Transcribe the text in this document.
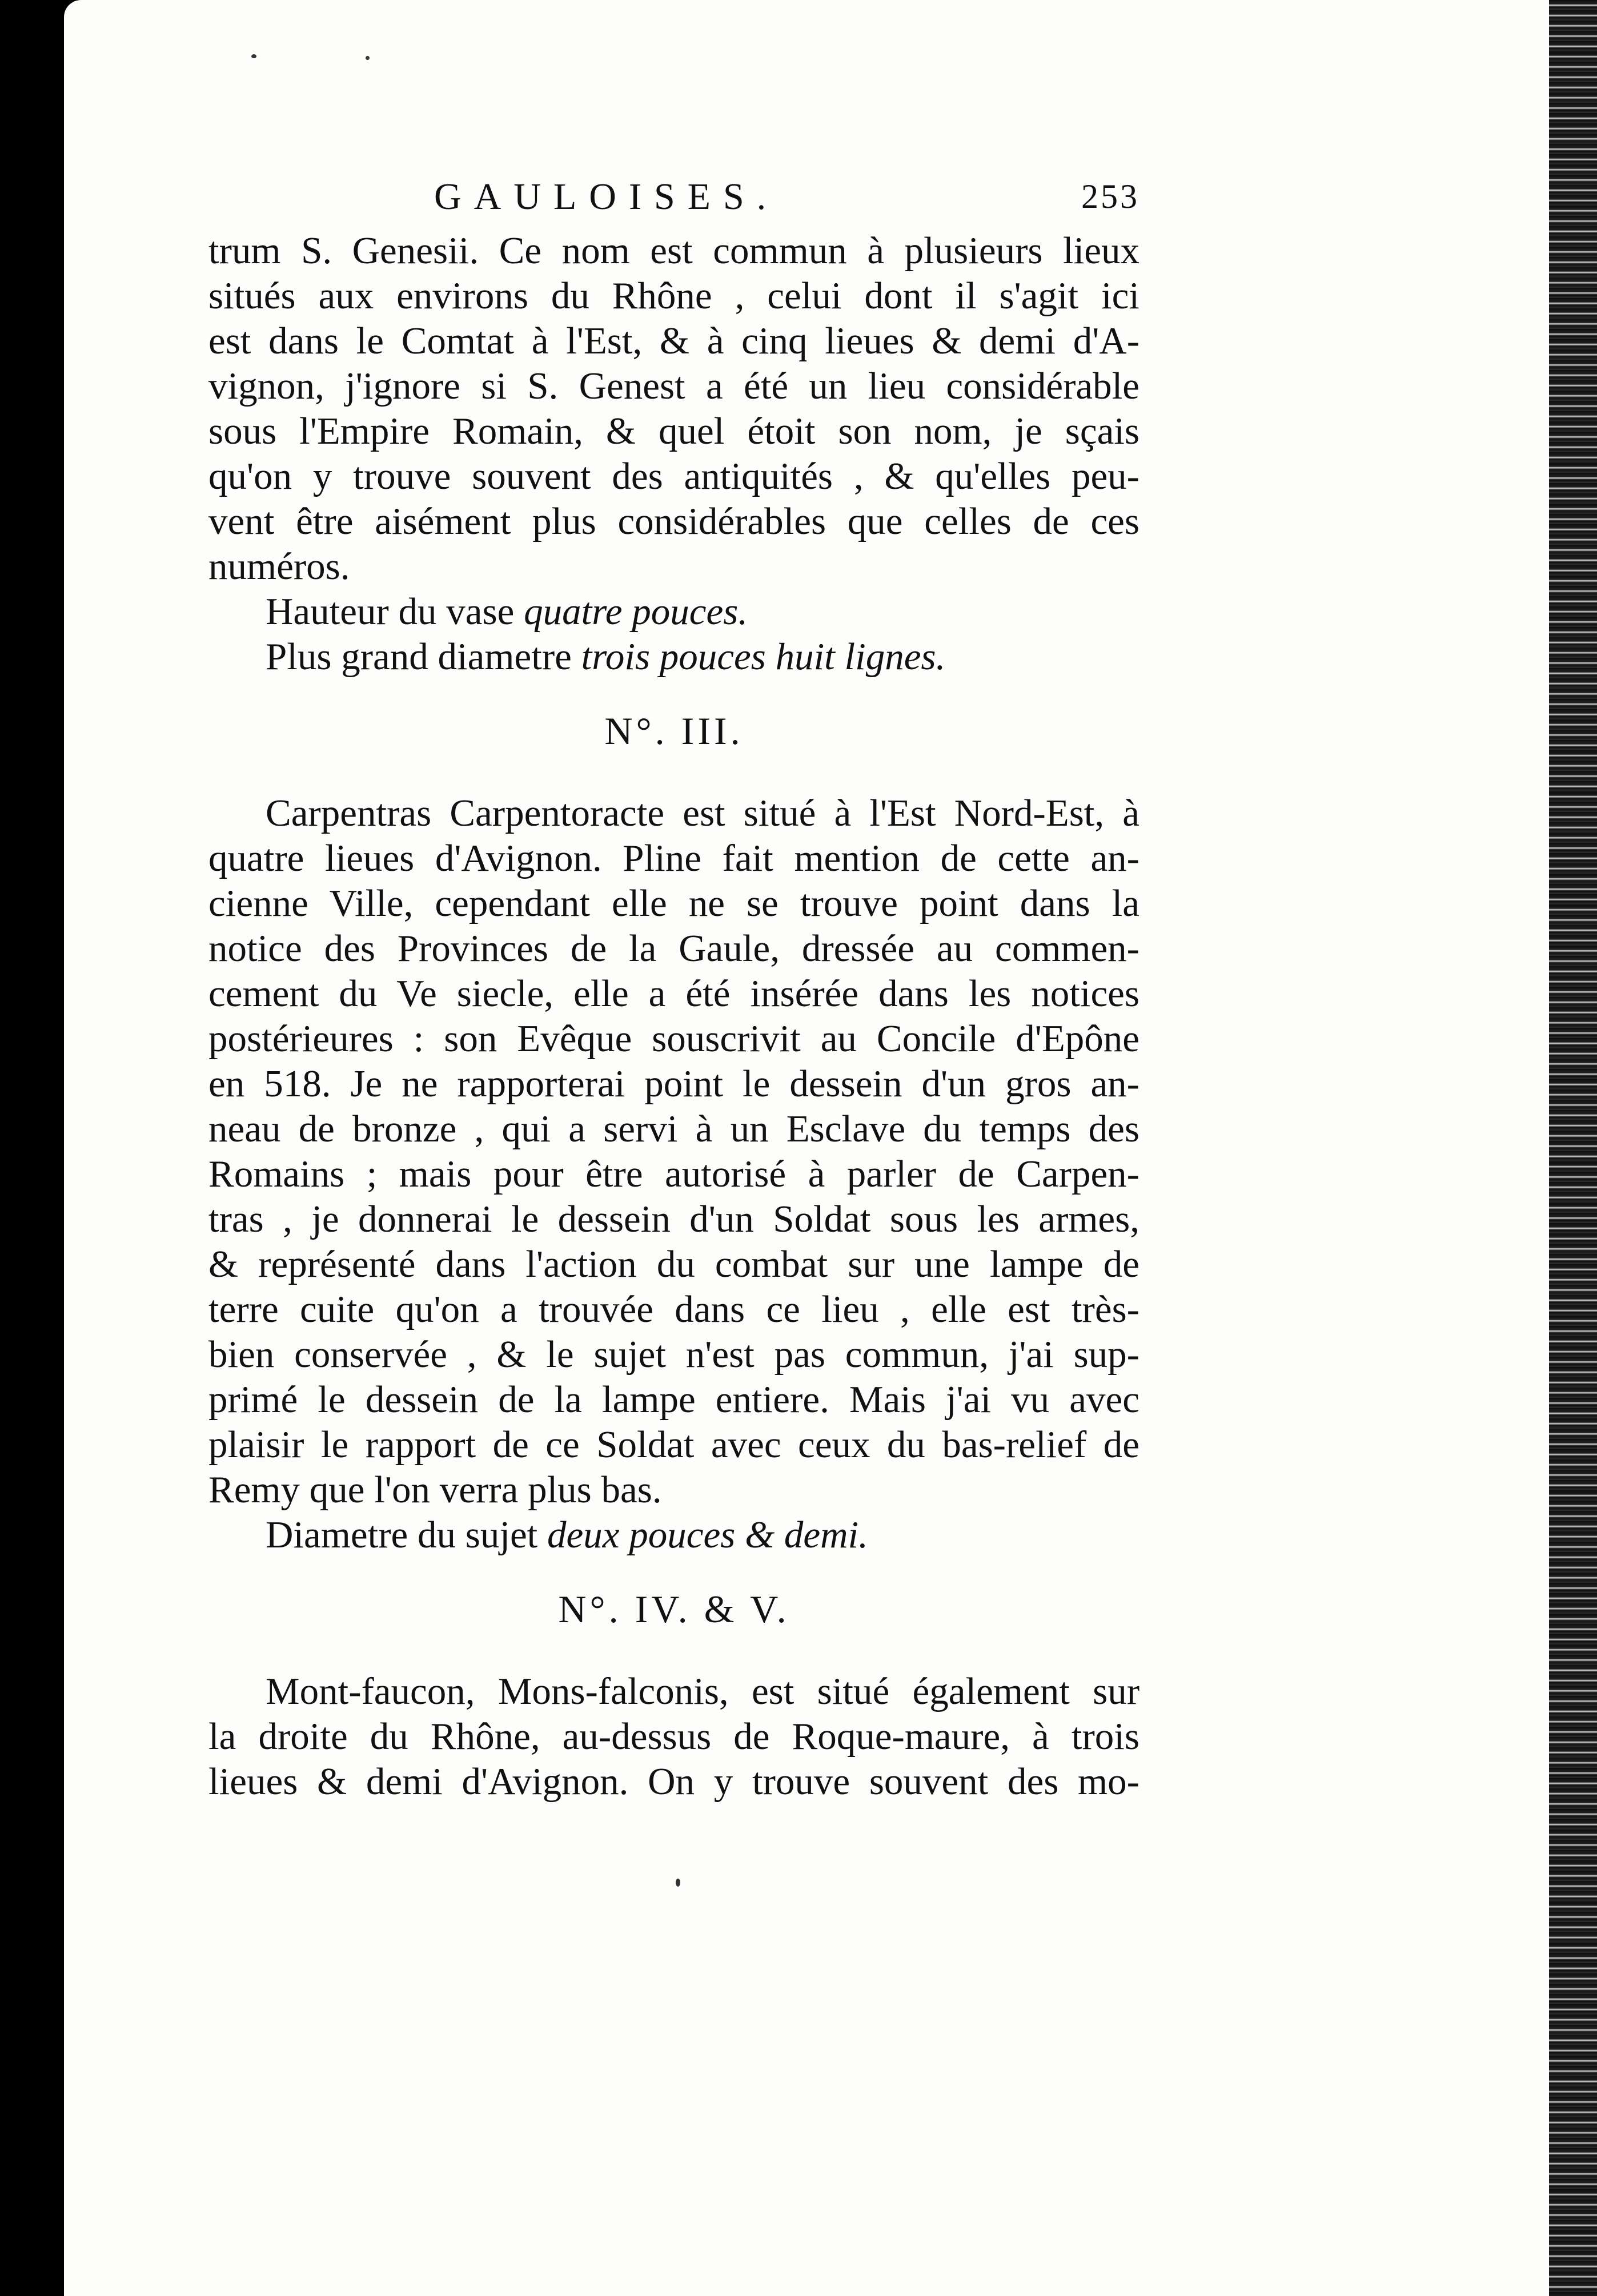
GAULOISES.	253
trum S. Genesii. Ce nom est commun à plusieurs lieux
situés aux environs du Rhône , celui dont il s'agit ici
est dans le Comtat à l'Est, & à cinq lieues & demi d'A-
vignon, j'ignore si S. Genest a été un lieu considérable
sous l'Empire Romain, & quel étoit son nom, je sçais
qu'on y trouve souvent des antiquités , & qu'elles peu-
vent être aisément plus considérables que celles de ces
numéros.
Hauteur du vase quatre pouces.
Plus grand diametre trois pouces huit lignes.
N°. III.
Carpentras Carpentoracte est situé à l'Est Nord-Est, à
quatre lieues d'Avignon. Pline fait mention de cette an-
cienne Ville, cependant elle ne se trouve point dans la
notice des Provinces de la Gaule, dressée au commen-
cement du Ve siecle, elle a été insérée dans les notices
postérieures : son Evêque souscrivit au Concile d'Epône
en 518. Je ne rapporterai point le dessein d'un gros an-
neau de bronze , qui a servi à un Esclave du temps des
Romains ; mais pour être autorisé à parler de Carpen-
tras , je donnerai le dessein d'un Soldat sous les armes,
& représenté dans l'action du combat sur une lampe de
terre cuite qu'on a trouvée dans ce lieu , elle est très-
bien conservée , & le sujet n'est pas commun, j'ai sup-
primé le dessein de la lampe entiere. Mais j'ai vu avec
plaisir le rapport de ce Soldat avec ceux du bas-relief de
Remy que l'on verra plus bas.
Diametre du sujet deux pouces & demi.
N°. IV. & V.
Mont-faucon, Mons-falconis, est situé également sur
la droite du Rhône, au-dessus de Roque-maure, à trois
lieues & demi d'Avignon. On y trouve souvent des mo-
